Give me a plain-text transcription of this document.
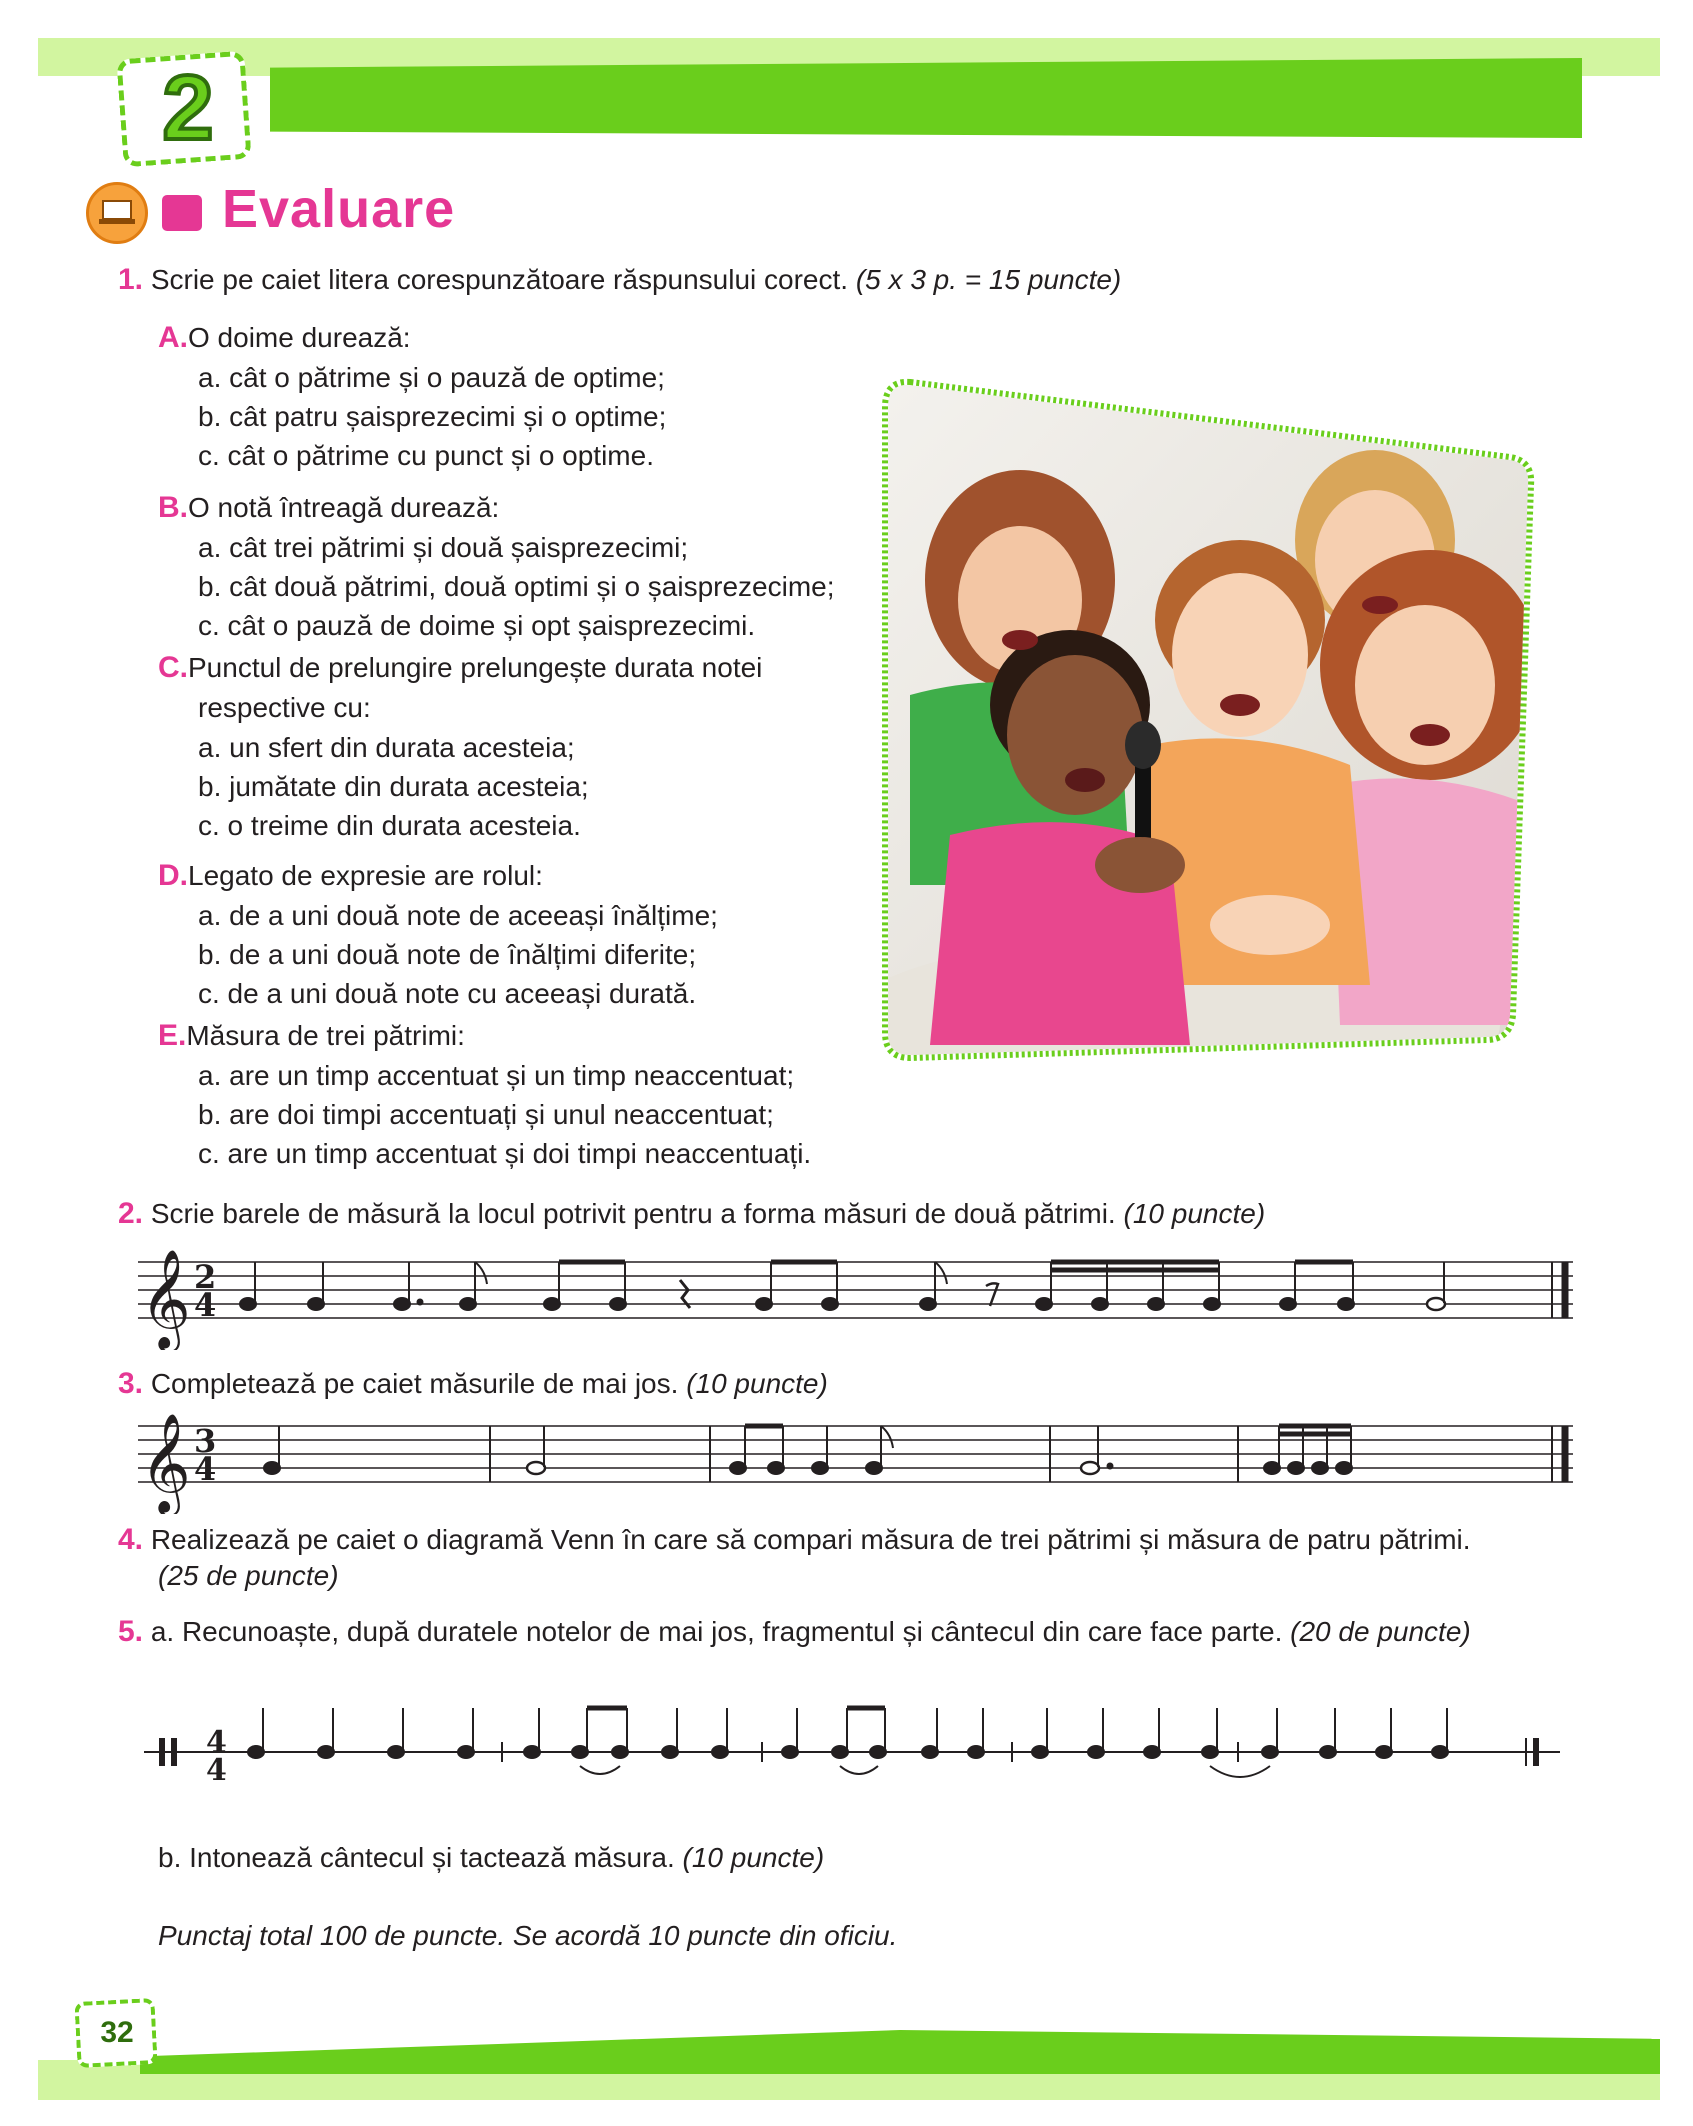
2
Evaluare
1. Scrie pe caiet litera corespunzătoare răspunsului corect. (5 x 3 p. = 15 puncte)
A.O doime durează:
a. cât o pătrime și o pauză de optime;
b. cât patru șaisprezecimi și o optime;
c. cât o pătrime cu punct și o optime.
B.O notă întreagă durează:
a. cât trei pătrimi și două șaisprezecimi;
b. cât două pătrimi, două optimi și o șaisprezecime;
c. cât o pauză de doime și opt șaisprezecimi.
C.Punctul de prelungire prelungește durata notei
respective cu:
a. un sfert din durata acesteia;
b. jumătate din durata acesteia;
c. o treime din durata acesteia.
D.Legato de expresie are rolul:
a. de a uni două note de aceeași înălțime;
b. de a uni două note de înălțimi diferite;
c. de a uni două note cu aceeași durată.
E.Măsura de trei pătrimi:
a. are un timp accentuat și un timp neaccentuat;
b. are doi timpi accentuați și unul neaccentuat;
c. are un timp accentuat și doi timpi neaccentuați.
2. Scrie barele de măsură la locul potrivit pentru a forma măsuri de două pătrimi. (10 puncte)
𝄞 2
4
3. Completează pe caiet măsurile de mai jos. (10 puncte)
𝄞 3
4
4. Realizează pe caiet o diagramă Venn în care să compari măsura de trei pătrimi și măsura de patru pătrimi.
(25 de puncte)
5. a. Recunoaște, după duratele notelor de mai jos, fragmentul și cântecul din care face parte. (20 de puncte)
4
4
b. Intonează cântecul și tactează măsura. (10 puncte)
Punctaj total 100 de puncte. Se acordă 10 puncte din oficiu.
32
